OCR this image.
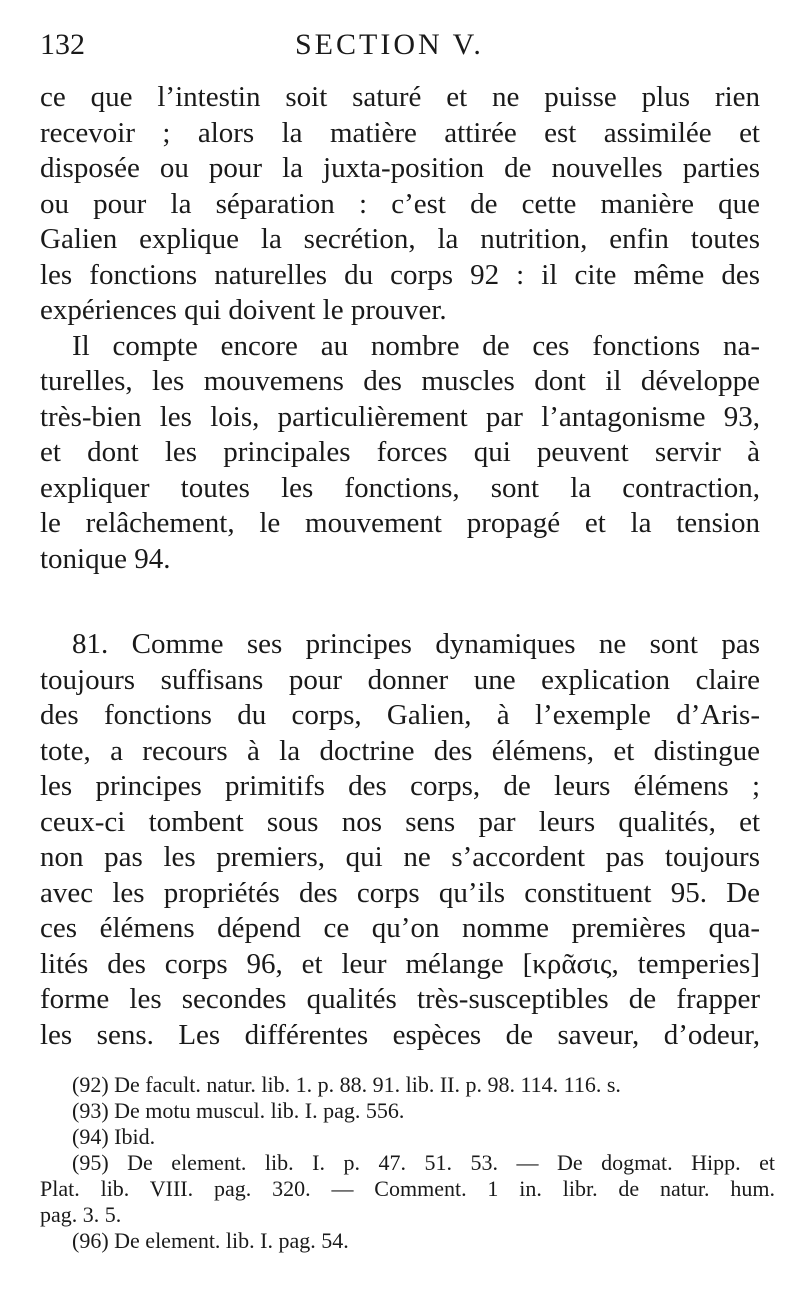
132	SECTION V.
ce que l’intestin soit saturé et ne puisse plus rien
recevoir ; alors la matière attirée est assimilée et
disposée ou pour la juxta-position de nouvelles parties
ou pour la séparation : c’est de cette manière que
Galien explique la secrétion, la nutrition, enfin toutes
les fonctions naturelles du corps 92 : il cite même des
expériences qui doivent le prouver.
Il compte encore au nombre de ces fonctions na-
turelles, les mouvemens des muscles dont il développe
très-bien les lois, particulièrement par l’antagonisme 93,
et dont les principales forces qui peuvent servir à
expliquer toutes les fonctions, sont la contraction,
le relâchement, le mouvement propagé et la tension
tonique 94.
81. Comme ses principes dynamiques ne sont pas
toujours suffisans pour donner une explication claire
des fonctions du corps, Galien, à l’exemple d’Aris-
tote, a recours à la doctrine des élémens, et distingue
les principes primitifs des corps, de leurs élémens ;
ceux-ci tombent sous nos sens par leurs qualités, et
non pas les premiers, qui ne s’accordent pas toujours
avec les propriétés des corps qu’ils constituent 95. De
ces élémens dépend ce qu’on nomme premières qua-
lités des corps 96, et leur mélange [κρᾶσις, temperies]
forme les secondes qualités très-susceptibles de frapper
les sens. Les différentes espèces de saveur, d’odeur,
(92) De facult. natur. lib. 1. p. 88. 91. lib. II. p. 98. 114. 116. s.
(93) De motu muscul. lib. I. pag. 556.
(94) Ibid.
(95) De element. lib. I. p. 47. 51. 53. — De dogmat. Hipp. et
Plat. lib. VIII. pag. 320. — Comment. 1 in. libr. de natur. hum.
pag. 3. 5.
(96) De element. lib. I. pag. 54.
